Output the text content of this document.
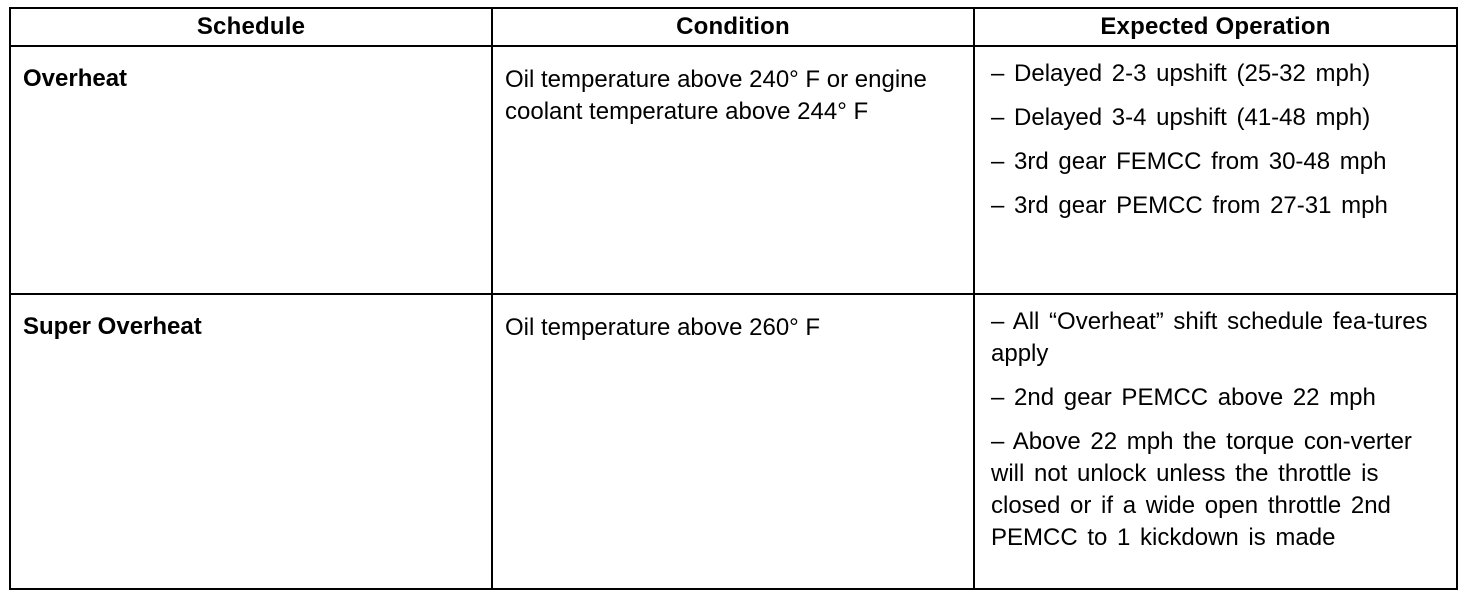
Schedule	Condition	Expected Operation

Overheat	Oil temperature above 240° F or engine coolant temperature above 244° F	– Delayed 2-3 upshift (25-32 mph)
– Delayed 3-4 upshift (41-48 mph)
– 3rd gear FEMCC from 30-48 mph
– 3rd gear PEMCC from 27-31 mph

Super Overheat	Oil temperature above 260° F	– All “Overheat” shift schedule fea-tures apply
– 2nd gear PEMCC above 22 mph
– Above 22 mph the torque con-verter will not unlock unless the throttle is closed or if a wide open throttle 2nd PEMCC to 1 kickdown is made
